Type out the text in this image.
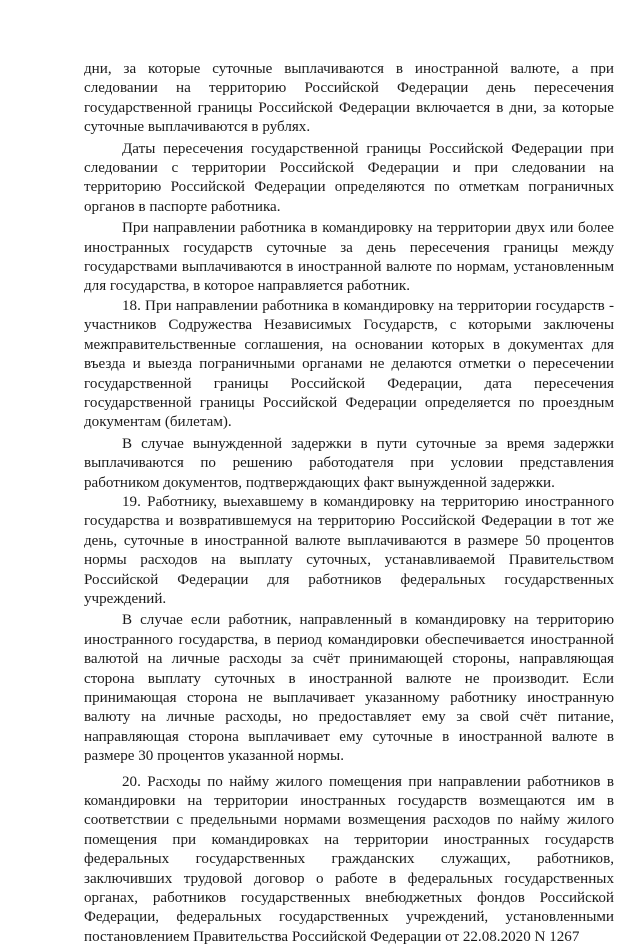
дни, за которые суточные выплачиваются в иностранной валюте, а при следовании на территорию Российской Федерации день пересечения государственной границы Российской Федерации включается в дни, за которые суточные выплачиваются в рублях.

Даты пересечения государственной границы Российской Федерации при следовании с территории Российской Федерации и при следовании на территорию Российской Федерации определяются по отметкам пограничных органов в паспорте работника.

При направлении работника в командировку на территории двух или более иностранных государств суточные за день пересечения границы между государствами выплачиваются в иностранной валюте по нормам, установленным для государства, в которое направляется работник.

18. При направлении работника в командировку на территории государств - участников Содружества Независимых Государств, с которыми заключены межправительственные соглашения, на основании которых в документах для въезда и выезда пограничными органами не делаются отметки о пересечении государственной границы Российской Федерации, дата пересечения государственной границы Российской Федерации определяется по проездным документам (билетам).

В случае вынужденной задержки в пути суточные за время задержки выплачиваются по решению работодателя при условии представления работником документов, подтверждающих факт вынужденной задержки.

19. Работнику, выехавшему в командировку на территорию иностранного государства и возвратившемуся на территорию Российской Федерации в тот же день, суточные в иностранной валюте выплачиваются в размере 50 процентов нормы расходов на выплату суточных, устанавливаемой Правительством Российской Федерации для работников федеральных государственных учреждений.

В случае если работник, направленный в командировку на территорию иностранного государства, в период командировки обеспечивается иностранной валютой на личные расходы за счёт принимающей стороны, направляющая сторона выплату суточных в иностранной валюте не производит. Если принимающая сторона не выплачивает указанному работнику иностранную валюту на личные расходы, но предоставляет ему за свой счёт питание, направляющая сторона выплачивает ему суточные в иностранной валюте в размере 30 процентов указанной нормы.

20. Расходы по найму жилого помещения при направлении работников в командировки на территории иностранных государств возмещаются им в соответствии с предельными нормами возмещения расходов по найму жилого помещения при командировках на территории иностранных государств федеральных государственных гражданских служащих, работников, заключивших трудовой договор о работе в федеральных государственных органах, работников государственных внебюджетных фондов Российской Федерации, федеральных государственных учреждений, установленными постановлением Правительства Российской Федерации от 22.08.2020 N 1267
